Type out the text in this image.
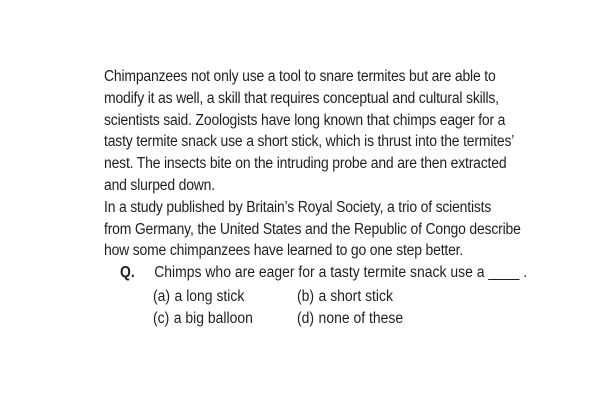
Chimpanzees not only use a tool to snare termites but are able to
modify it as well, a skill that requires conceptual and cultural skills,
scientists said. Zoologists have long known that chimps eager for a
tasty termite snack use a short stick, which is thrust into the termites’
nest. The insects bite on the intruding probe and are then extracted
and slurped down.
In a study published by Britain’s Royal Society, a trio of scientists
from Germany, the United States and the Republic of Congo describe
how some chimpanzees have learned to go one step better.
Q. Chimps who are eager for a tasty termite snack use a ____ .
(a) a long stick	(b) a short stick
(c) a big balloon	(d) none of these
